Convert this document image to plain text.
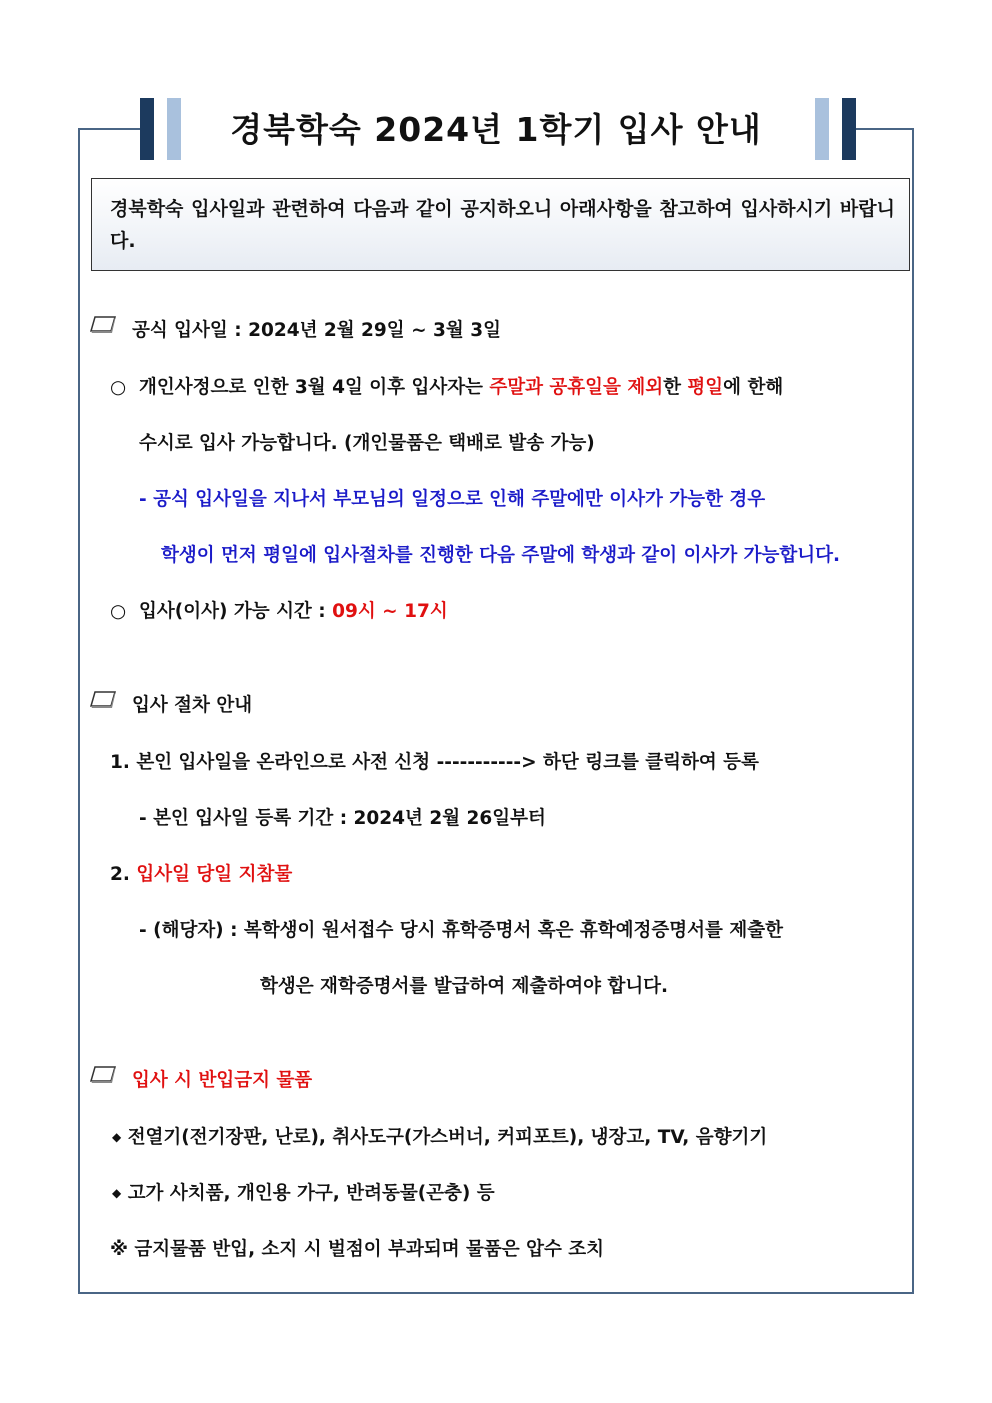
경북학숙 2024년 1학기 입사 안내
경북학숙 입사일과 관련하여 다음과 같이 공지하오니 아래사항을 참고하여 입사하시기 바랍니다.
공식 입사일 : 2024년 2월 29일 ~ 3월 3일
○ 개인사정으로 인한 3월 4일 이후 입사자는 주말과 공휴일을 제외한 평일에 한해
수시로 입사 가능합니다. (개인물품은 택배로 발송 가능)
- 공식 입사일을 지나서 부모님의 일정으로 인해 주말에만 이사가 가능한 경우
학생이 먼저 평일에 입사절차를 진행한 다음 주말에 학생과 같이 이사가 가능합니다.
○ 입사(이사) 가능 시간 : 09시 ~ 17시
입사 절차 안내
1. 본인 입사일을 온라인으로 사전 신청 -----------> 하단 링크를 클릭하여 등록
- 본인 입사일 등록 기간 : 2024년 2월 26일부터
2. 입사일 당일 지참물
- (해당자) : 복학생이 원서접수 당시 휴학증명서 혹은 휴학예정증명서를 제출한
학생은 재학증명서를 발급하여 제출하여야 합니다.
입사 시 반입금지 물품
◆ 전열기(전기장판, 난로), 취사도구(가스버너, 커피포트), 냉장고, TV, 음향기기
◆ 고가 사치품, 개인용 가구, 반려동물(곤충) 등
※ 금지물품 반입, 소지 시 벌점이 부과되며 물품은 압수 조치
